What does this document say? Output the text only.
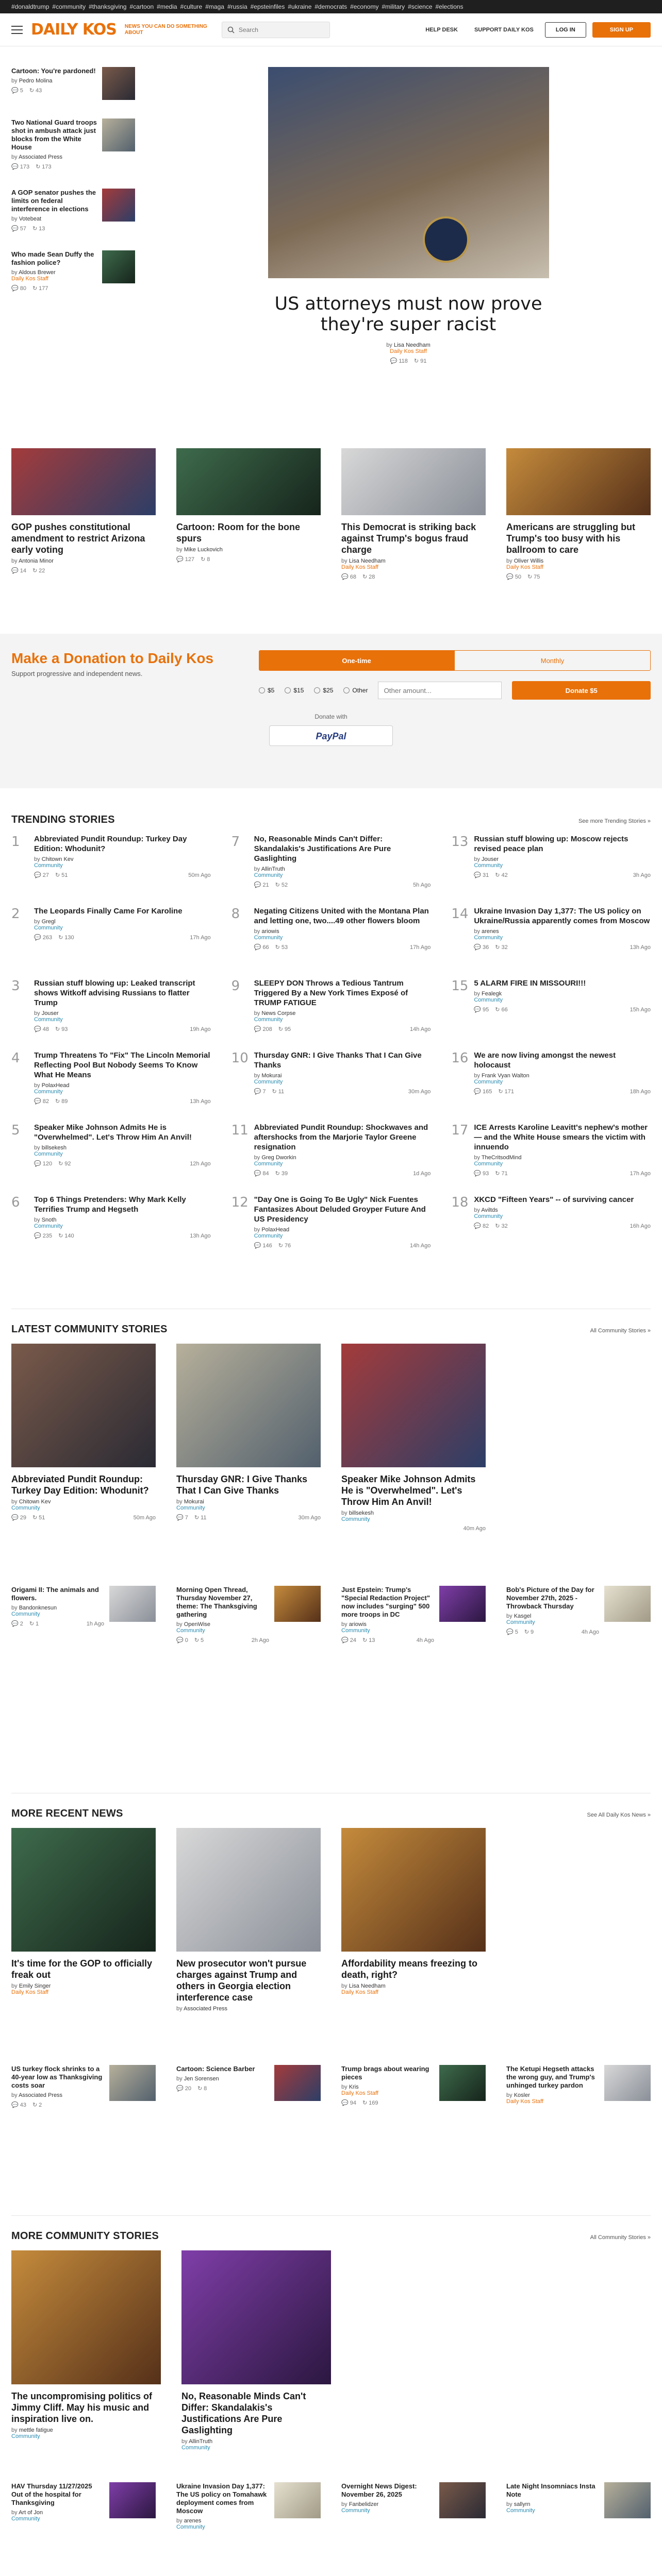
#donaldtrump #community #thanksgiving #cartoon #media #culture #maga #russia #epsteinfiles #ukraine #democrats #economy #military #science #elections
DAILY KOS NEWS YOU CAN DO SOMETHING ABOUT
Search	HELP DESK	SUPPORT DAILY KOS	LOG IN	SIGN UP
Cartoon: You're pardoned!
by Pedro Molina
💬 5 ↻ 43
Two National Guard troops shot in ambush attack just blocks from the White House
by Associated Press
💬 173 ↻ 173
A GOP senator pushes the limits on federal interference in elections
by Votebeat
💬 57 ↻ 13
Who made Sean Duffy the fashion police?
by Aldous Brewer
Daily Kos Staff
💬 80 ↻ 177
US attorneys must now prove they're super racist
by Lisa Needham
Daily Kos Staff
💬 118 ↻ 91
GOP pushes constitutional amendment to restrict Arizona early voting
by Antonia Minor
💬 14 ↻ 22
Cartoon: Room for the bone spurs
by Mike Luckovich
💬 127 ↻ 8
This Democrat is striking back against Trump's bogus fraud charge
by Lisa Needham
Daily Kos Staff
💬 68 ↻ 28
Americans are struggling but Trump's too busy with his ballroom to care
by Oliver Willis
Daily Kos Staff
💬 50 ↻ 75
Make a Donation to Daily Kos
Support progressive and independent news.
One-time	Monthly
$5	$15	$25	Other
Other amount...	Donate $5
Donate with
PayPal
TRENDING STORIES	See more Trending Stories »
1	Abbreviated Pundit Roundup: Turkey Day Edition: Whodunit?
by Chitown Kev
Community
💬 27 ↻ 51	50m Ago
2	The Leopards Finally Came For Karoline
by Gregl
Community
💬 263 ↻ 130	17h Ago
3	Russian stuff blowing up: Leaked transcript shows Witkoff advising Russians to flatter Trump
by Jouser
Community
💬 48 ↻ 93	19h Ago
4	Trump Threatens To "Fix" The Lincoln Memorial Reflecting Pool But Nobody Seems To Know What He Means
by PolaxHead
Community
💬 82 ↻ 89	13h Ago
5	Speaker Mike Johnson Admits He is "Overwhelmed". Let's Throw Him An Anvil!
by billsekesh
Community
💬 120 ↻ 92	12h Ago
6	Top 6 Things Pretenders: Why Mark Kelly Terrifies Trump and Hegseth
by Snoth
Community
💬 235 ↻ 140	13h Ago
7	No, Reasonable Minds Can't Differ: Skandalakis's Justifications Are Pure Gaslighting
by AllinTruth
Community
💬 21 ↻ 52	5h Ago
8	Negating Citizens United with the Montana Plan and letting one, two....49 other flowers bloom
by ariowis
Community
💬 66 ↻ 53	17h Ago
9	SLEEPY DON Throws a Tedious Tantrum Triggered By a New York Times Exposé of TRUMP FATIGUE
by News Corpse
Community
💬 208 ↻ 95	14h Ago
10 Thursday GNR: I Give Thanks That I Can Give Thanks
by Mokurai
Community
💬 7 ↻ 11	30m Ago
11 Abbreviated Pundit Roundup: Shockwaves and aftershocks from the Marjorie Taylor Greene resignation
by Greg Dworkin
Community
💬 84 ↻ 39	1d Ago
12 "Day One is Going To Be Ugly" Nick Fuentes Fantasizes About Deluded Groyper Future And US Presidency
by PolaxHead
Community
💬 146 ↻ 76	14h Ago
13 Russian stuff blowing up: Moscow rejects revised peace plan
by Jouser
Community
💬 31 ↻ 42	3h Ago
14 Ukraine Invasion Day 1,377: The US policy on Ukraine/Russia apparently comes from Moscow
by arenes
Community
💬 36 ↻ 32	13h Ago
15 5 ALARM FIRE IN MISSOURI!!!
by Fealegk
Community
💬 95 ↻ 66	15h Ago
16 We are now living amongst the newest holocaust
by Frank Vyan Walton
Community
💬 165 ↻ 171	18h Ago
17 ICE Arrests Karoline Leavitt's nephew's mother — and the White House smears the victim with innuendo
by TheCritsodMind
Community
💬 93 ↻ 71	17h Ago
18 XKCD "Fifteen Years" -- of surviving cancer
by Aviltds
Community
💬 82 ↻ 32	16h Ago
LATEST COMMUNITY STORIES	All Community Stories »
Abbreviated Pundit Roundup: Turkey Day Edition: Whodunit?
by Chitown Kev
Community
💬 29 ↻ 51	50m Ago
Thursday GNR: I Give Thanks That I Can Give Thanks
by Mokurai
Community
💬 7 ↻ 11	30m Ago
Speaker Mike Johnson Admits He is "Overwhelmed". Let's Throw Him An Anvil!
by billsekesh
Community
40m Ago
Origami II: The animals and flowers.
by Bandonknesun
Community
💬 2 ↻ 1	1h Ago
Morning Open Thread, Thursday November 27, theme: The Thanksgiving gathering
by OpenWise
Community
💬 0 ↻ 5	2h Ago
Just Epstein: Trump's "Special Redaction Project" now includes "surging" 500 more troops in DC
by ariowis
Community
💬 24 ↻ 13	4h Ago
Bob's Picture of the Day for November 27th, 2025 - Throwback Thursday
by Kasgel
Community
💬 5 ↻ 9	4h Ago
MORE RECENT NEWS	See All Daily Kos News »
It's time for the GOP to officially freak out
by Emily Singer
Daily Kos Staff
New prosecutor won't pursue charges against Trump and others in Georgia election interference case
by Associated Press
Affordability means freezing to death, right?
by Lisa Needham
Daily Kos Staff
US turkey flock shrinks to a 40-year low as Thanksgiving costs soar
by Associated Press
💬 43 ↻ 2
Cartoon: Science Barber
by Jen Sorensen
💬 20 ↻ 8
Trump brags about wearing pieces
by Kris
Daily Kos Staff
💬 94 ↻ 169
The Ketupi Hegseth attacks the wrong guy, and Trump's unhinged turkey pardon
by Kosler
Daily Kos Staff
MORE COMMUNITY STORIES	All Community Stories »
The uncompromising politics of Jimmy Cliff. May his music and inspiration live on.
by mettle fatigue
Community
No, Reasonable Minds Can't Differ: Skandalakis's Justifications Are Pure Gaslighting
by AllinTruth
Community
HAV Thursday 11/27/2025 Out of the hospital for Thanksgiving
by Art of Jon
Community
Ukraine Invasion Day 1,377: The US policy on Tomahawk deployment comes from Moscow
by arenes
Community
Overnight News Digest: November 26, 2025
by Fanbelidzer
Community
Late Night Insomniacs Insta Note
by sallyrn
Community
